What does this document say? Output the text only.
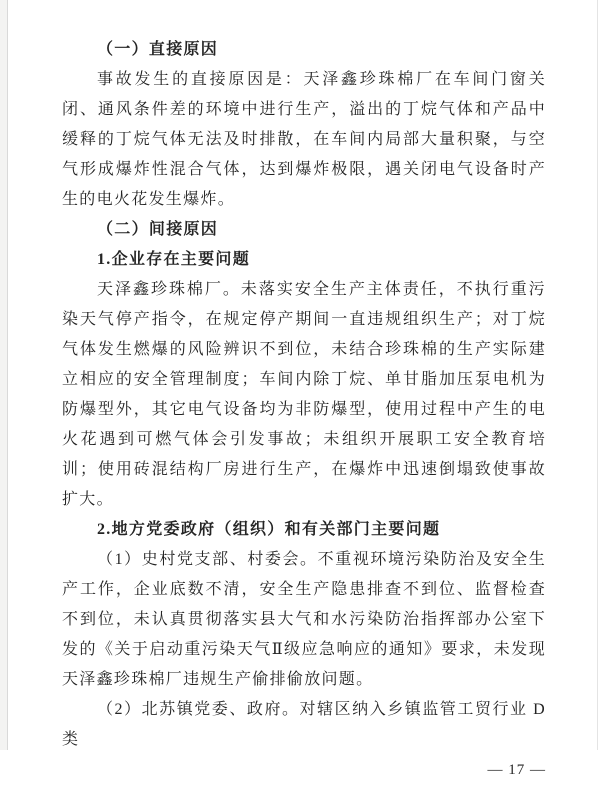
（一）直接原因

事故发生的直接原因是：天泽鑫珍珠棉厂在车间门窗关闭、通风条件差的环境中进行生产，溢出的丁烷气体和产品中缓释的丁烷气体无法及时排散，在车间内局部大量积聚，与空气形成爆炸性混合气体，达到爆炸极限，遇关闭电气设备时产生的电火花发生爆炸。

（二）间接原因
1.企业存在主要问题

天泽鑫珍珠棉厂。未落实安全生产主体责任，不执行重污染天气停产指令，在规定停产期间一直违规组织生产；对丁烷气体发生燃爆的风险辨识不到位，未结合珍珠棉的生产实际建立相应的安全管理制度；车间内除丁烷、单甘脂加压泵电机为防爆型外，其它电气设备均为非防爆型，使用过程中产生的电火花遇到可燃气体会引发事故；未组织开展职工安全教育培训；使用砖混结构厂房进行生产，在爆炸中迅速倒塌致使事故扩大。

2.地方党委政府（组织）和有关部门主要问题

（1）史村党支部、村委会。不重视环境污染防治及安全生产工作，企业底数不清，安全生产隐患排查不到位、监督检查不到位，未认真贯彻落实县大气和水污染防治指挥部办公室下发的《关于启动重污染天气Ⅱ级应急响应的通知》要求，未发现天泽鑫珍珠棉厂违规生产偷排偷放问题。

（2）北苏镇党委、政府。对辖区纳入乡镇监管工贸行业 D 类

— 17 —
